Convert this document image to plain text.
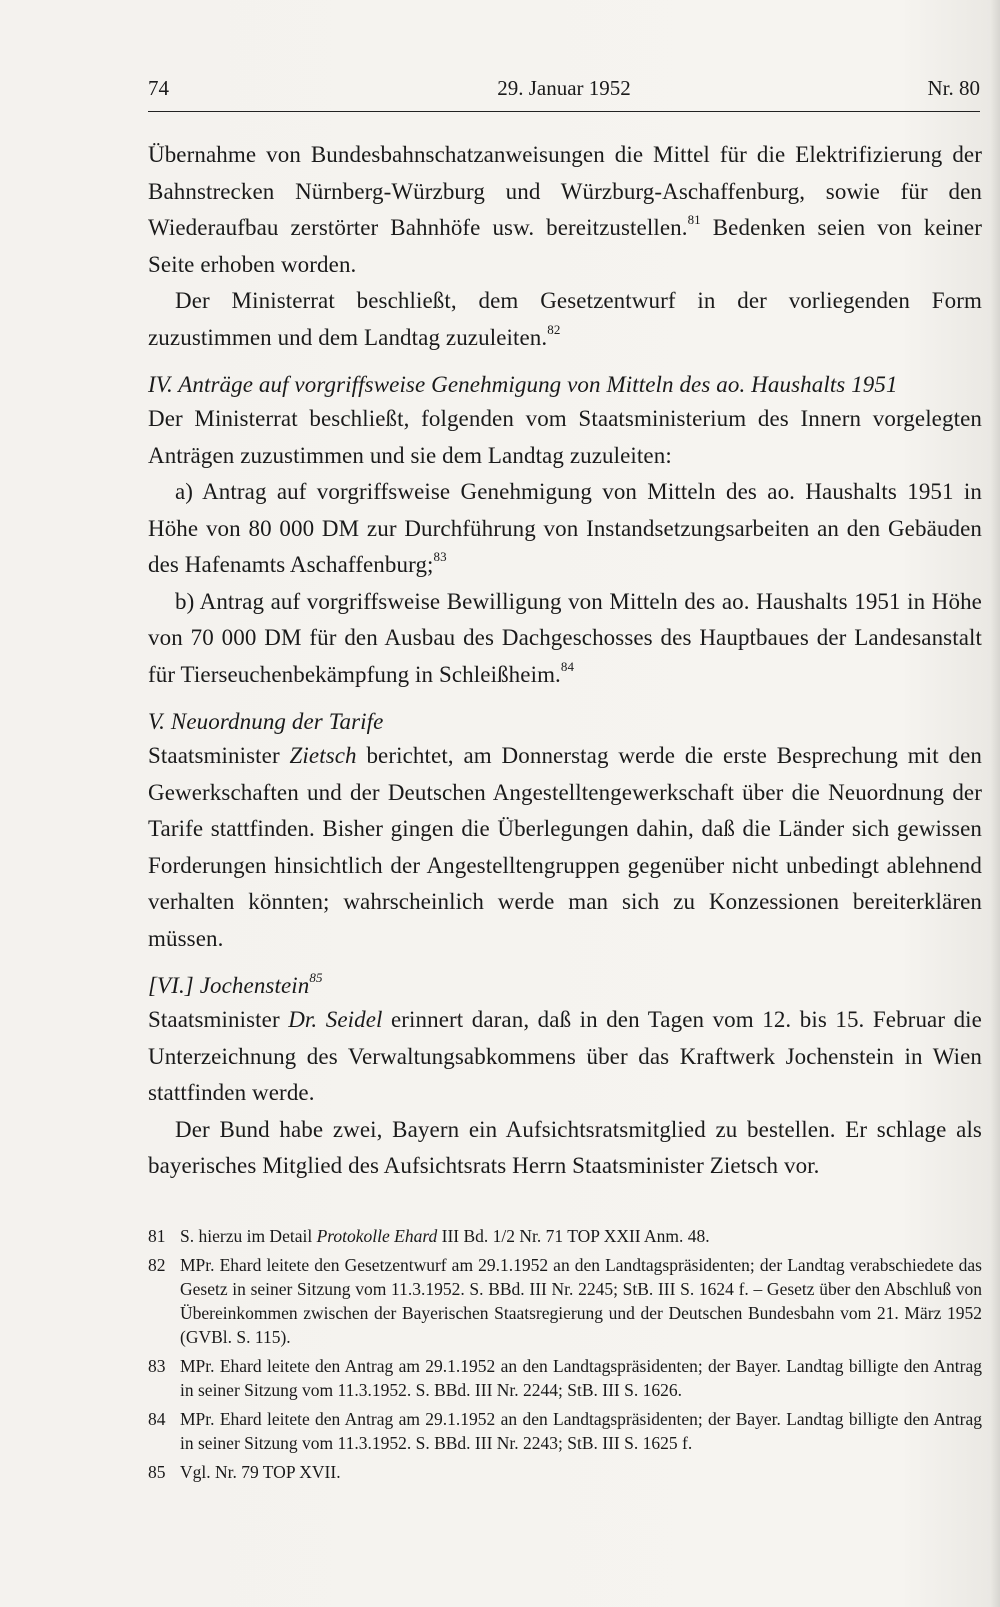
74	29. Januar 1952	Nr. 80

Übernahme von Bundesbahnschatzanweisungen die Mittel für die Elektrifizierung der Bahnstrecken Nürnberg-Würzburg und Würzburg-Aschaffenburg, sowie für den Wiederaufbau zerstörter Bahnhöfe usw. bereitzustellen.$^{81}$ Bedenken seien von keiner Seite erhoben worden.

Der Ministerrat beschließt, dem Gesetzentwurf in der vorliegenden Form zuzustimmen und dem Landtag zuzuleiten.$^{82}$

IV. Anträge auf vorgriffsweise Genehmigung von Mitteln des ao. Haushalts 1951

Der Ministerrat beschließt, folgenden vom Staatsministerium des Innern vorgelegten Anträgen zuzustimmen und sie dem Landtag zuzuleiten:

a) Antrag auf vorgriffsweise Genehmigung von Mitteln des ao. Haushalts 1951 in Höhe von 80 000 DM zur Durchführung von Instandsetzungsarbeiten an den Gebäuden des Hafenamts Aschaffenburg;$^{83}$

b) Antrag auf vorgriffsweise Bewilligung von Mitteln des ao. Haushalts 1951 in Höhe von 70 000 DM für den Ausbau des Dachgeschosses des Hauptbaues der Landesanstalt für Tierseuchenbekämpfung in Schleißheim.$^{84}$

V. Neuordnung der Tarife

Staatsminister Zietsch berichtet, am Donnerstag werde die erste Besprechung mit den Gewerkschaften und der Deutschen Angestelltengewerkschaft über die Neuordnung der Tarife stattfinden. Bisher gingen die Überlegungen dahin, daß die Länder sich gewissen Forderungen hinsichtlich der Angestelltengruppen gegenüber nicht unbedingt ablehnend verhalten könnten; wahrscheinlich werde man sich zu Konzessionen bereiterklären müssen.

[VI.] Jochenstein$^{85}$

Staatsminister Dr. Seidel erinnert daran, daß in den Tagen vom 12. bis 15. Februar die Unterzeichnung des Verwaltungsabkommens über das Kraftwerk Jochenstein in Wien stattfinden werde.

Der Bund habe zwei, Bayern ein Aufsichtsratsmitglied zu bestellen. Er schlage als bayerisches Mitglied des Aufsichtsrats Herrn Staatsminister Zietsch vor.

81 S. hierzu im Detail Protokolle Ehard III Bd. 1/2 Nr. 71 TOP XXII Anm. 48.
82 MPr. Ehard leitete den Gesetzentwurf am 29.1.1952 an den Landtagspräsidenten; der Landtag verabschiedete das Gesetz in seiner Sitzung vom 11.3.1952. S. BBd. III Nr. 2245; StB. III S. 1624 f. – Gesetz über den Abschluß von Übereinkommen zwischen der Bayerischen Staatsregierung und der Deutschen Bundesbahn vom 21. März 1952 (GVBl. S. 115).
83 MPr. Ehard leitete den Antrag am 29.1.1952 an den Landtagspräsidenten; der Bayer. Landtag billigte den Antrag in seiner Sitzung vom 11.3.1952. S. BBd. III Nr. 2244; StB. III S. 1626.
84 MPr. Ehard leitete den Antrag am 29.1.1952 an den Landtagspräsidenten; der Bayer. Landtag billigte den Antrag in seiner Sitzung vom 11.3.1952. S. BBd. III Nr. 2243; StB. III S. 1625 f.
85 Vgl. Nr. 79 TOP XVII.
